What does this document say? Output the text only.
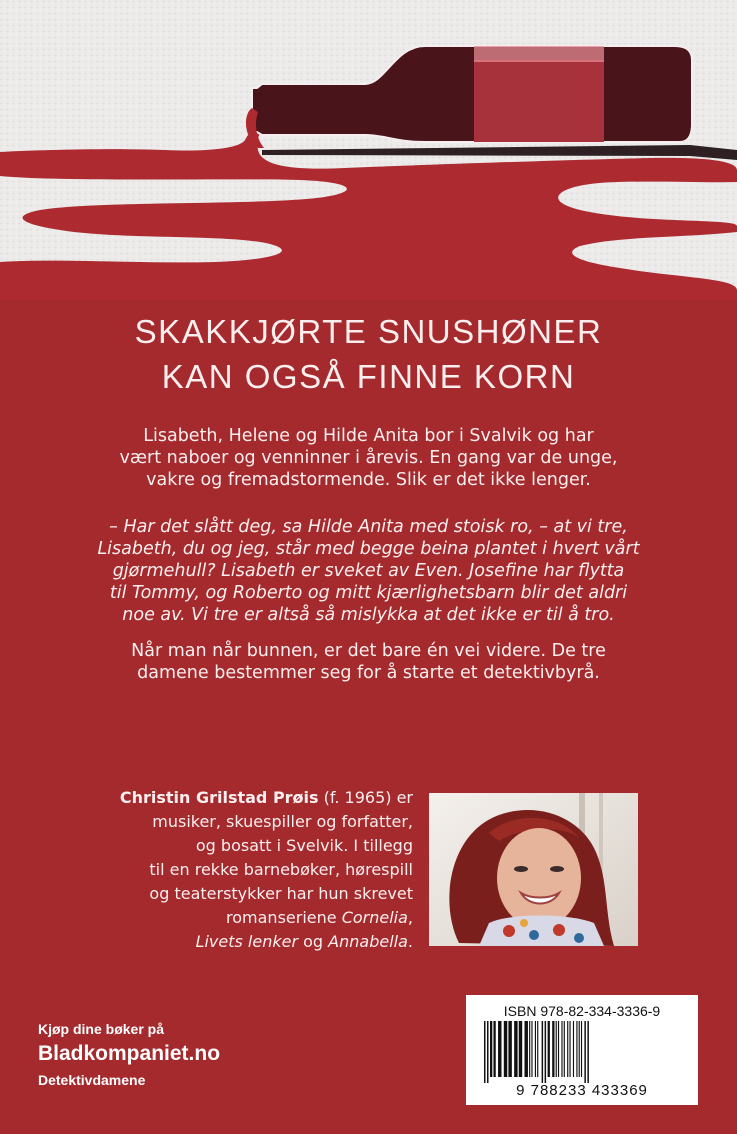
SKAKKJØRTE SNUSHØNER
KAN OGSÅ FINNE KORN

Lisabeth, Helene og Hilde Anita bor i Svalvik og har
vært naboer og venninner i årevis. En gang var de unge,
vakre og fremadstormende. Slik er det ikke lenger.

– Har det slått deg, sa Hilde Anita med stoisk ro, – at vi tre,
Lisabeth, du og jeg, står med begge beina plantet i hvert vårt
gjørmehull? Lisabeth er sveket av Even. Josefine har flytta
til Tommy, og Roberto og mitt kjærlighetsbarn blir det aldri
noe av. Vi tre er altså så mislykka at det ikke er til å tro.

Når man når bunnen, er det bare én vei videre. De tre
damene bestemmer seg for å starte et detektivbyrå.

Christin Grilstad Prøis (f. 1965) er
musiker, skuespiller og forfatter,
og bosatt i Svelvik. I tillegg
til en rekke barnebøker, hørespill
og teaterstykker har hun skrevet
romanseriene Cornelia,
Livets lenker og Annabella.
Kjøp dine bøker på
Bladkompaniet.no
Detektivdamene
ISBN 978-82-334-3336-9
9 788233 433369
